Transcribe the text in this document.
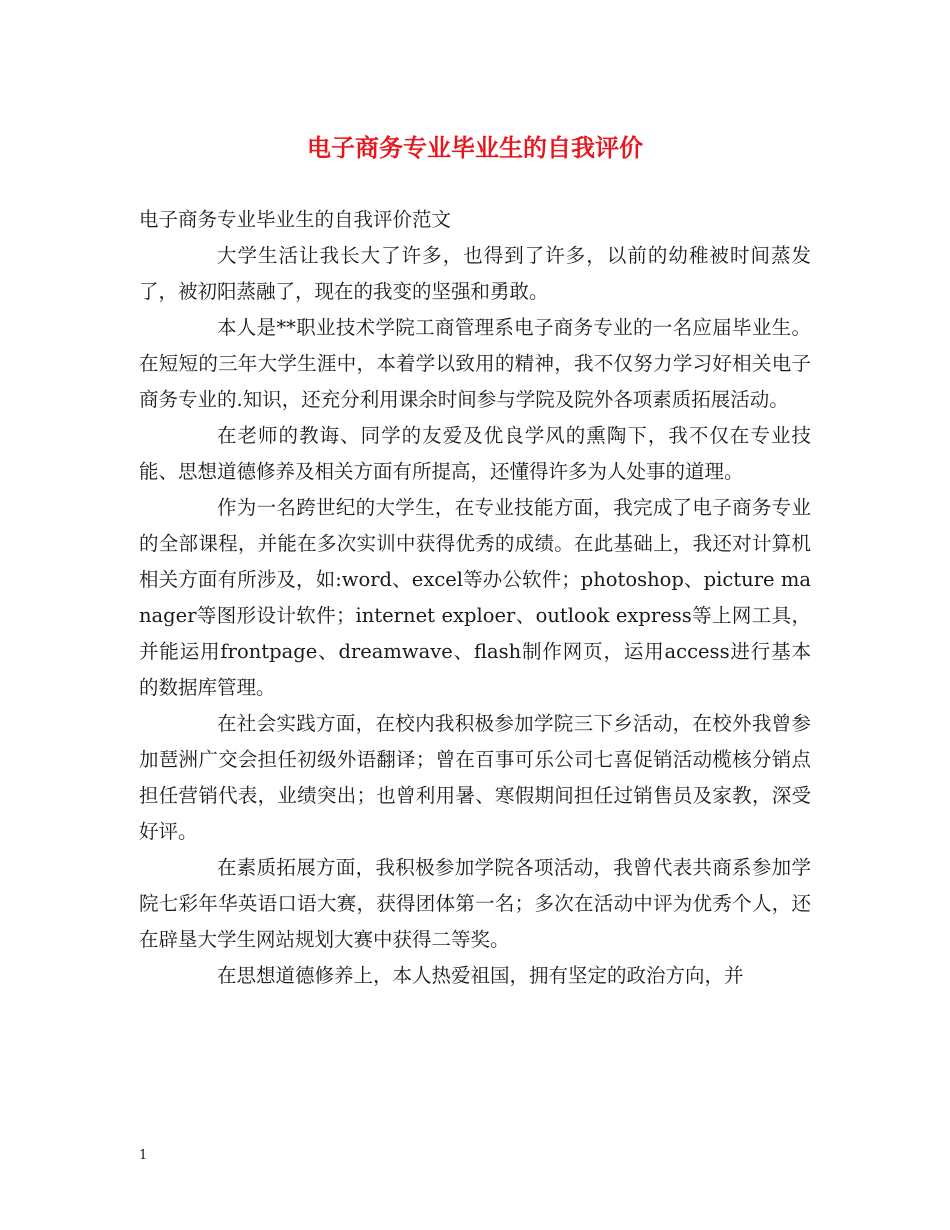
电子商务专业毕业生的自我评价

电子商务专业毕业生的自我评价范文

大学生活让我长大了许多，也得到了许多，以前的幼稚被时间蒸发了，被初阳蒸融了，现在的我变的坚强和勇敢。

本人是**职业技术学院工商管理系电子商务专业的一名应届毕业生。在短短的三年大学生涯中，本着学以致用的精神，我不仅努力学习好相关电子商务专业的.知识，还充分利用课余时间参与学院及院外各项素质拓展活动。

在老师的教诲、同学的友爱及优良学风的熏陶下，我不仅在专业技能、思想道德修养及相关方面有所提高，还懂得许多为人处事的道理。

作为一名跨世纪的大学生，在专业技能方面，我完成了电子商务专业的全部课程，并能在多次实训中获得优秀的成绩。在此基础上，我还对计算机相关方面有所涉及，如:word、excel等办公软件；photoshop、picture manager等图形设计软件；internet exploer、outlook express等上网工具，并能运用frontpage、dreamwave、flash制作网页，运用access进行基本的数据库管理。

在社会实践方面，在校内我积极参加学院三下乡活动，在校外我曾参加琶洲广交会担任初级外语翻译；曾在百事可乐公司七喜促销活动榄核分销点担任营销代表，业绩突出；也曾利用暑、寒假期间担任过销售员及家教，深受好评。

在素质拓展方面，我积极参加学院各项活动，我曾代表共商系参加学院七彩年华英语口语大赛，获得团体第一名；多次在活动中评为优秀个人，还在辟垦大学生网站规划大赛中获得二等奖。

在思想道德修养上，本人热爱祖国，拥有坚定的政治方向，并

1
